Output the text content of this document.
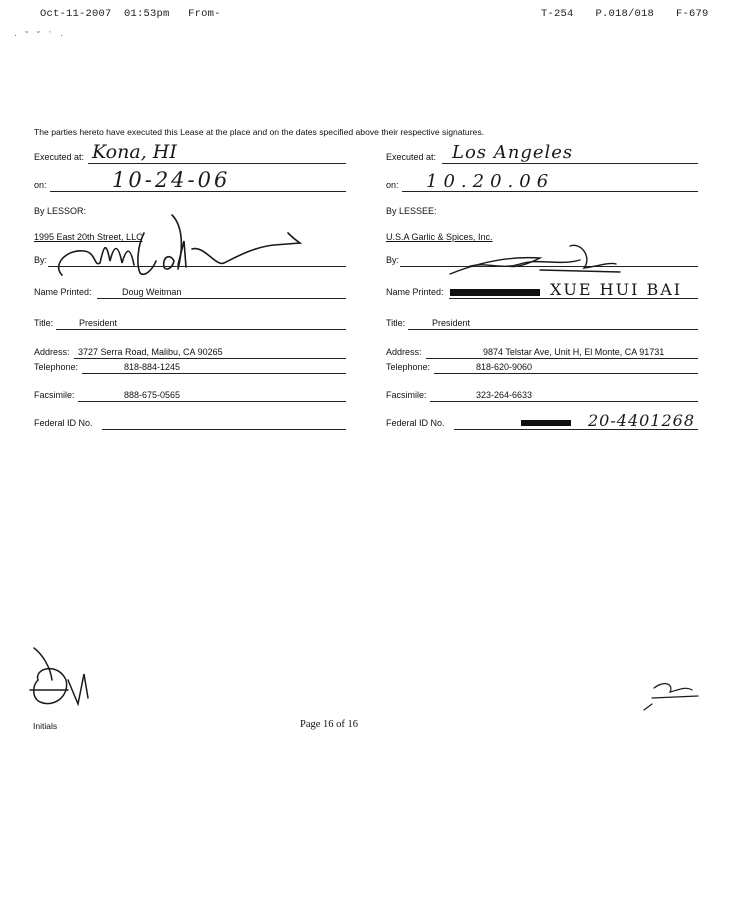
Oct-11-2007 01:53pm From-	T-254 P.018/018 F-679
· ˘ ˘ ˋ ·
The parties hereto have executed this Lease at the place and on the dates specified above their respective signatures.
Executed at: Kona, HI
on:	10-24-06
By LESSOR:
1995 East 20th Street, LLC
By:
Name Printed:	Doug Weitman
Title:	President
Address: 3727 Serra Road, Malibu, CA 90265
Telephone:	818-884-1245
Facsimile:	888-675-0565
Federal ID No.
Executed at: Los Angeles
on: 10.20.06
By LESSEE:
U.S.A Garlic & Spices, Inc.
By:
Name Printed:	XUE HUI BAI
Title:	President
Address:	9874 Telstar Ave, Unit H, El Monte, CA 91731
Telephone:	818-620-9060
Facsimile:	323-264-6633
Federal ID No.	20-4401268
Initials	Page 16 of 16
